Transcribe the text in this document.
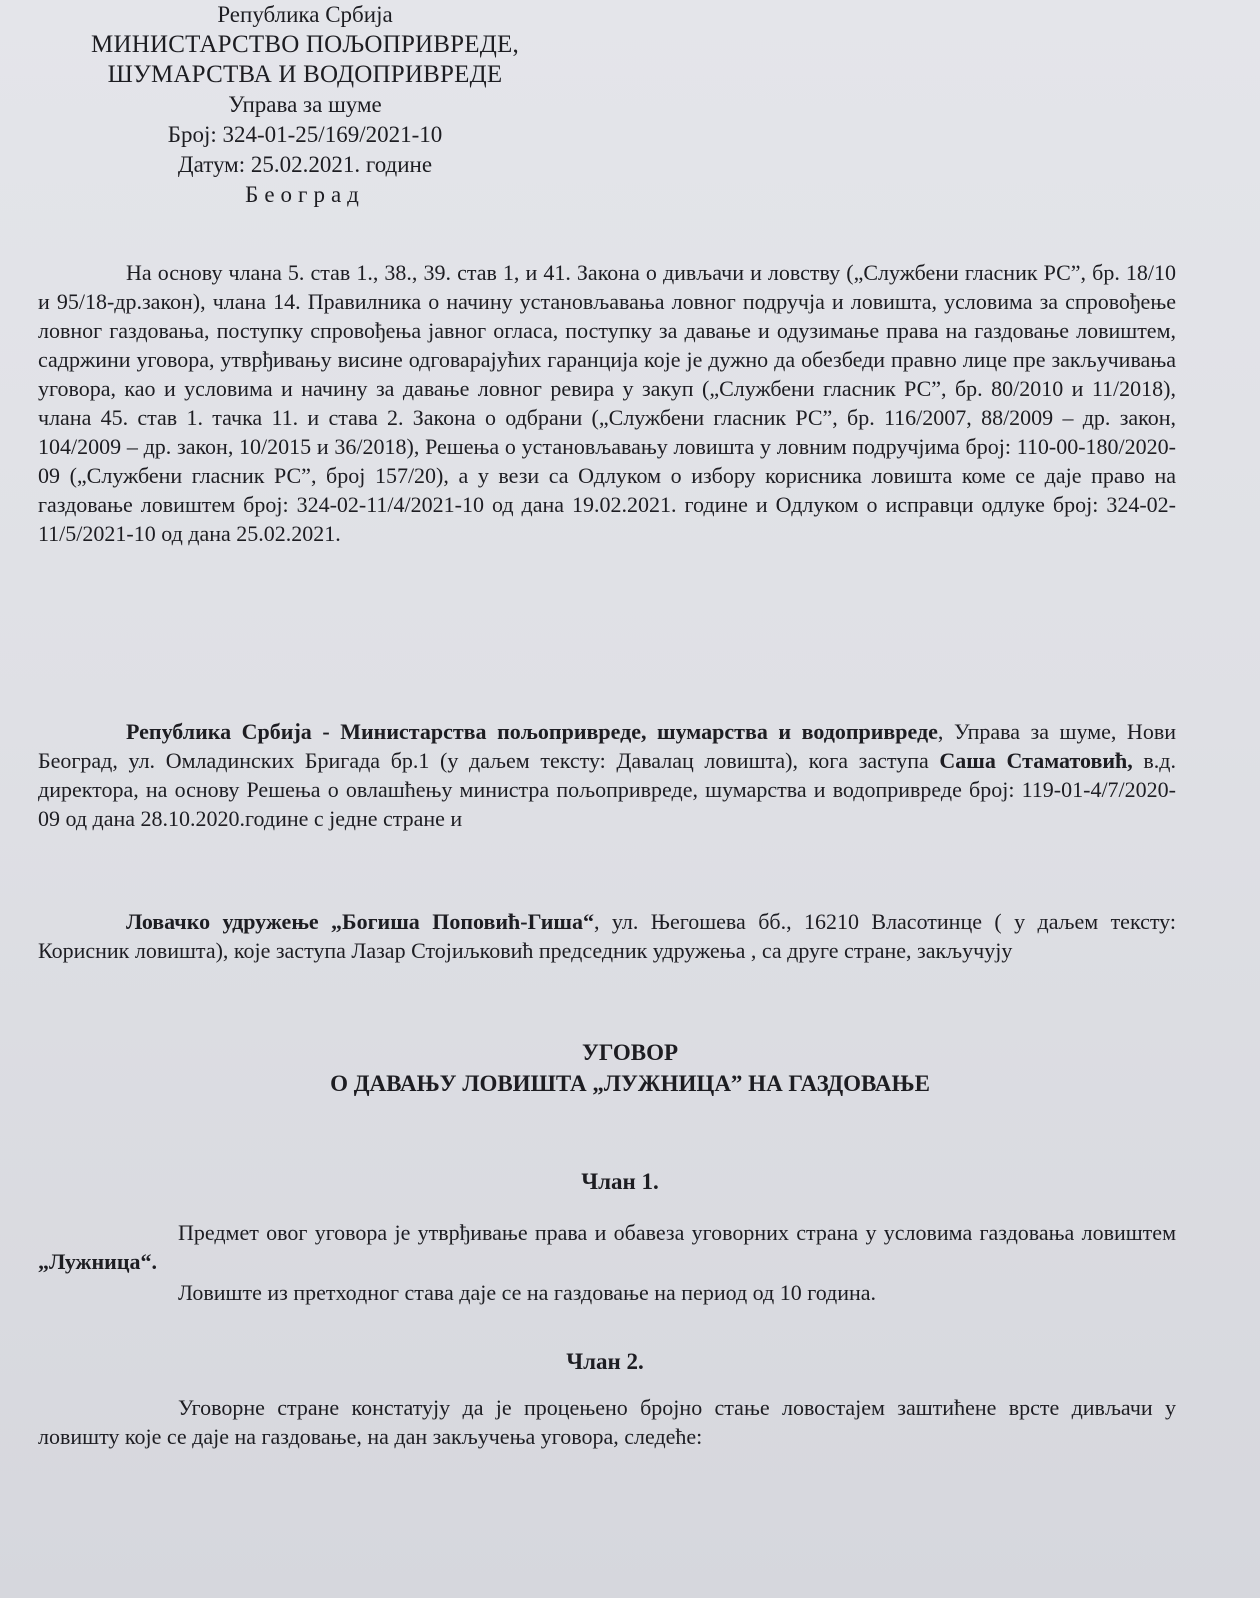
Република Србија
МИНИСТАРСТВО ПОЉОПРИВРЕДЕ,
ШУМАРСТВА И ВОДОПРИВРЕДЕ
Управа за шуме
Број: 324-01-25/169/2021-10
Датум: 25.02.2021. године
Београд
На основу члана 5. став 1., 38., 39. став 1, и 41. Закона о дивљачи и ловству („Службени гласник РС”, бр. 18/10 и 95/18-др.закон), члана 14. Правилника о начину установљавања ловног подручја и ловишта, условима за спровођење ловног газдовања, поступку спровођења јавног огласа, поступку за давање и одузимање права на газдовање ловиштем, садржини уговора, утврђивању висине одговарајућих гаранција које је дужно да обезбеди правно лице пре закључивања уговора, као и условима и начину за давање ловног ревира у закуп („Службени гласник РС”, бр. 80/2010 и 11/2018), члана 45. став 1. тачка 11. и става 2. Закона о одбрани („Службени гласник РС”, бр. 116/2007, 88/2009 – др. закон, 104/2009 – др. закон, 10/2015 и 36/2018), Решења о установљавању ловишта у ловним подручјима број: 110-00-180/2020-09 („Службени гласник РС”, број 157/20), а у вези са Одлуком о избору корисника ловишта коме се даје право на газдовање ловиштем број: 324-02-11/4/2021-10 од дана 19.02.2021. године и Одлуком о исправци одлуке број: 324-02-11/5/2021-10 од дана 25.02.2021.
Република Србија - Министарства пољопривреде, шумарства и водопривреде, Управа за шуме, Нови Београд, ул. Омладинских Бригада бр.1 (у даљем тексту: Давалац ловишта), кога заступа Саша Стаматовић, в.д. директора, на основу Решења о овлашћењу министра пољопривреде, шумарства и водопривреде број: 119-01-4/7/2020-09 од дана 28.10.2020.године с једне стране и
Ловачко удружење „Богиша Поповић-Гиша“, ул. Његошева бб., 16210 Власотинце ( у даљем тексту: Корисник ловишта), које заступа Лазар Стојиљковић председник удружења , са друге стране, закључују
УГОВОР
О ДАВАЊУ ЛОВИШТА „ЛУЖНИЦА” НА ГАЗДОВАЊЕ
Члан 1.
Предмет овог уговора је утврђивање права и обавеза уговорних страна у условима газдовања ловиштем „Лужница“.
Ловиште из претходног става даје се на газдовање на период од 10 година.
Члан 2.
Уговорне стране констатују да је процењено бројно стање ловостајем заштићене врсте дивљачи у ловишту које се даје на газдовање, на дан закључења уговора, следеће:
